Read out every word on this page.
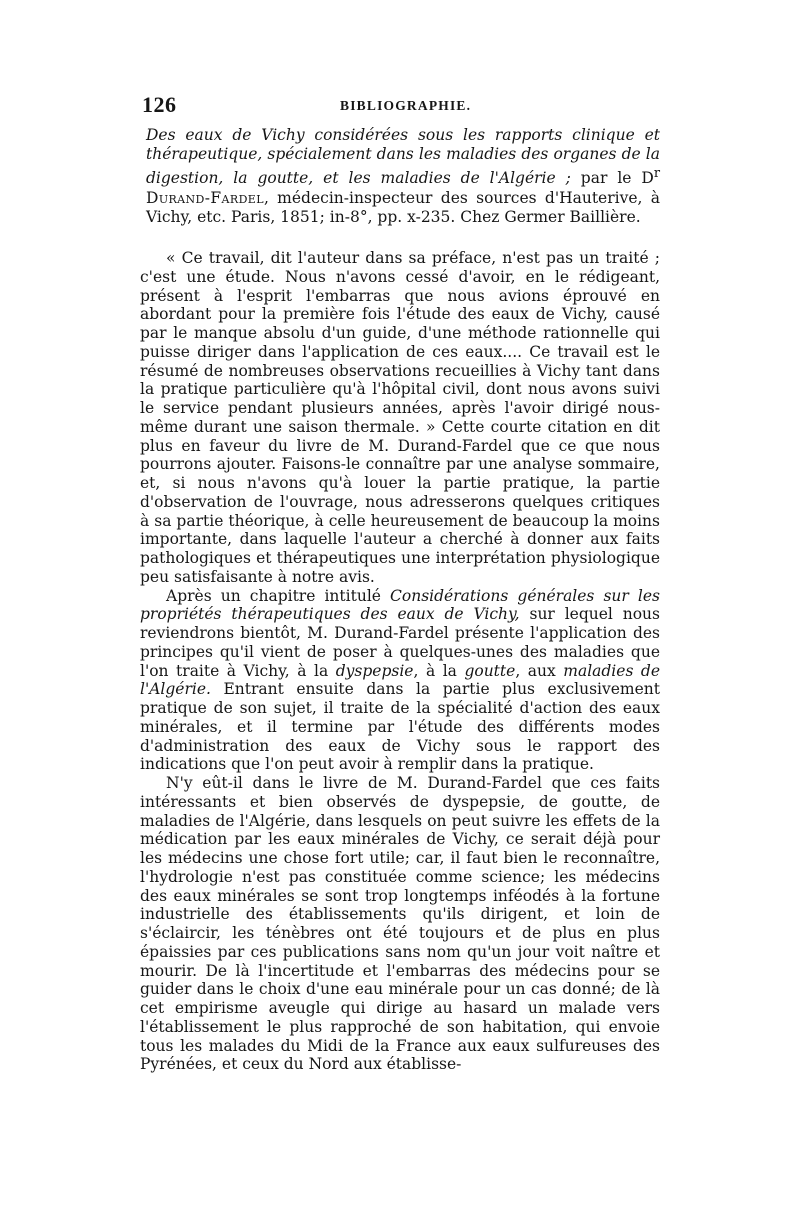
126	BIBLIOGRAPHIE.

Des eaux de Vichy considérées sous les rapports clinique et thérapeutique, spécialement dans les maladies des organes de la digestion, la goutte, et les maladies de l'Algérie ; par le $D^r$ Durand-Fardel, médecin-inspecteur des sources d'Hauterive, à Vichy, etc. Paris, 1851; in-8°, pp. x-235. Chez Germer Baillière.

« Ce travail, dit l'auteur dans sa préface, n'est pas un traité ; c'est une étude. Nous n'avons cessé d'avoir, en le rédigeant, présent à l'esprit l'embarras que nous avions éprouvé en abordant pour la première fois l'étude des eaux de Vichy, causé par le manque absolu d'un guide, d'une méthode rationnelle qui puisse diriger dans l'application de ces eaux.... Ce travail est le résumé de nombreuses observations recueillies à Vichy tant dans la pratique particulière qu'à l'hôpital civil, dont nous avons suivi le service pendant plusieurs années, après l'avoir dirigé nous-même durant une saison thermale. » Cette courte citation en dit plus en faveur du livre de M. Durand-Fardel que ce que nous pourrons ajouter. Faisons-le connaître par une analyse sommaire, et, si nous n'avons qu'à louer la partie pratique, la partie d'observation de l'ouvrage, nous adresserons quelques critiques à sa partie théorique, à celle heureusement de beaucoup la moins importante, dans laquelle l'auteur a cherché à donner aux faits pathologiques et thérapeutiques une interprétation physiologique peu satisfaisante à notre avis.

Après un chapitre intitulé Considérations générales sur les propriétés thérapeutiques des eaux de Vichy, sur lequel nous reviendrons bientôt, M. Durand-Fardel présente l'application des principes qu'il vient de poser à quelques-unes des maladies que l'on traite à Vichy, à la dyspepsie, à la goutte, aux maladies de l'Algérie. Entrant ensuite dans la partie plus exclusivement pratique de son sujet, il traite de la spécialité d'action des eaux minérales, et il termine par l'étude des différents modes d'administration des eaux de Vichy sous le rapport des indications que l'on peut avoir à remplir dans la pratique.

N'y eût-il dans le livre de M. Durand-Fardel que ces faits intéressants et bien observés de dyspepsie, de goutte, de maladies de l'Algérie, dans lesquels on peut suivre les effets de la médication par les eaux minérales de Vichy, ce serait déjà pour les médecins une chose fort utile; car, il faut bien le reconnaître, l'hydrologie n'est pas constituée comme science; les médecins des eaux minérales se sont trop longtemps inféodés à la fortune industrielle des établissements qu'ils dirigent, et loin de s'éclaircir, les ténèbres ont été toujours et de plus en plus épaissies par ces publications sans nom qu'un jour voit naître et mourir. De là l'incertitude et l'embarras des médecins pour se guider dans le choix d'une eau minérale pour un cas donné; de là cet empirisme aveugle qui dirige au hasard un malade vers l'établissement le plus rapproché de son habitation, qui envoie tous les malades du Midi de la France aux eaux sulfureuses des Pyrénées, et ceux du Nord aux établisse-
